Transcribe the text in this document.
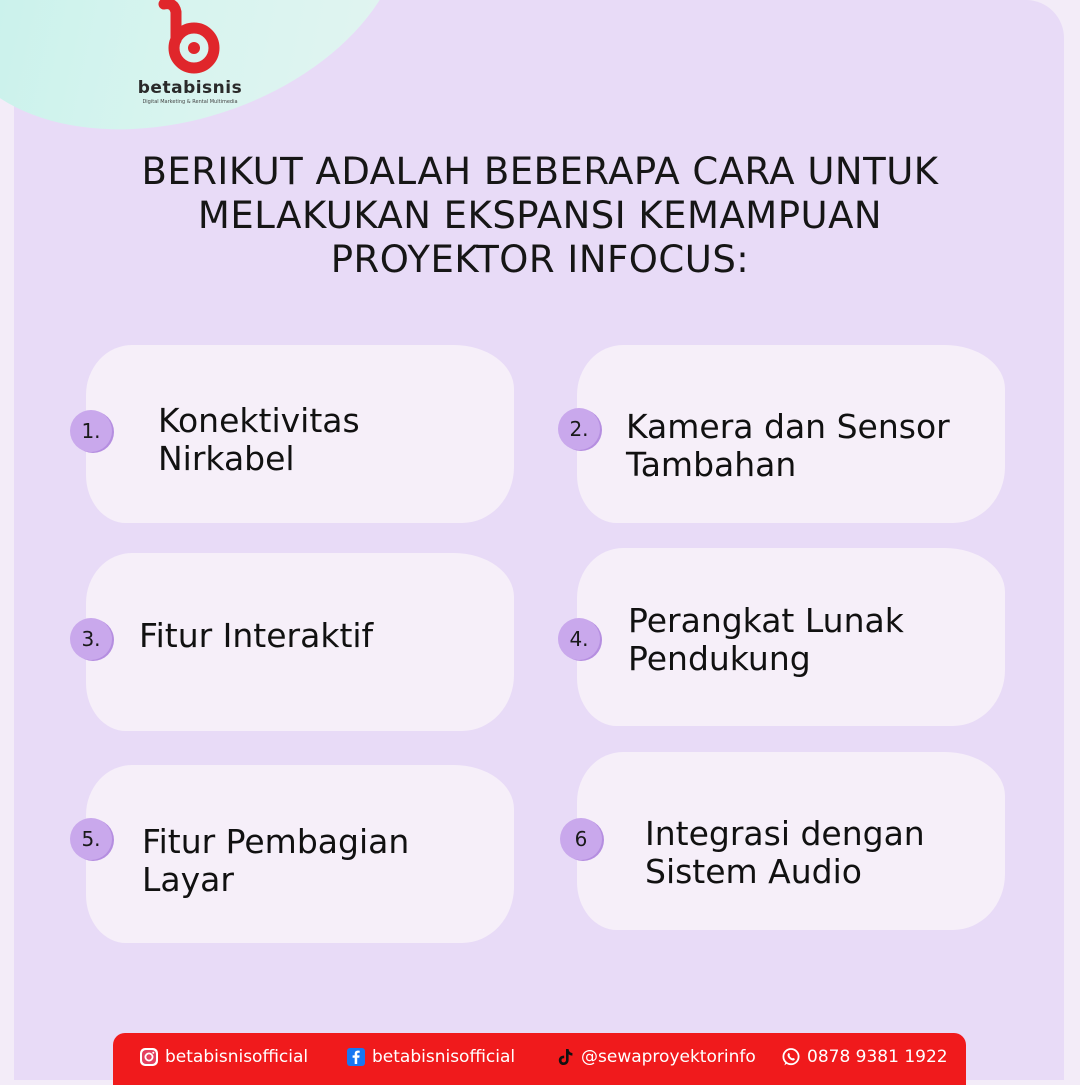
betabisnis
Digital Marketing & Rental Multimedia
BERIKUT ADALAH BEBERAPA CARA UNTUK
MELAKUKAN EKSPANSI KEMAMPUAN
PROYEKTOR INFOCUS:
1.	Konektivitas
Nirkabel
2.	Kamera dan Sensor
Tambahan
3.	Fitur Interaktif	4.	Perangkat Lunak
Pendukung
5.	Fitur Pembagian
Layar
6	Integrasi dengan
Sistem Audio
betabisnisofficial	betabisnisofficial	@sewaproyektorinfo	0878 9381 1922
